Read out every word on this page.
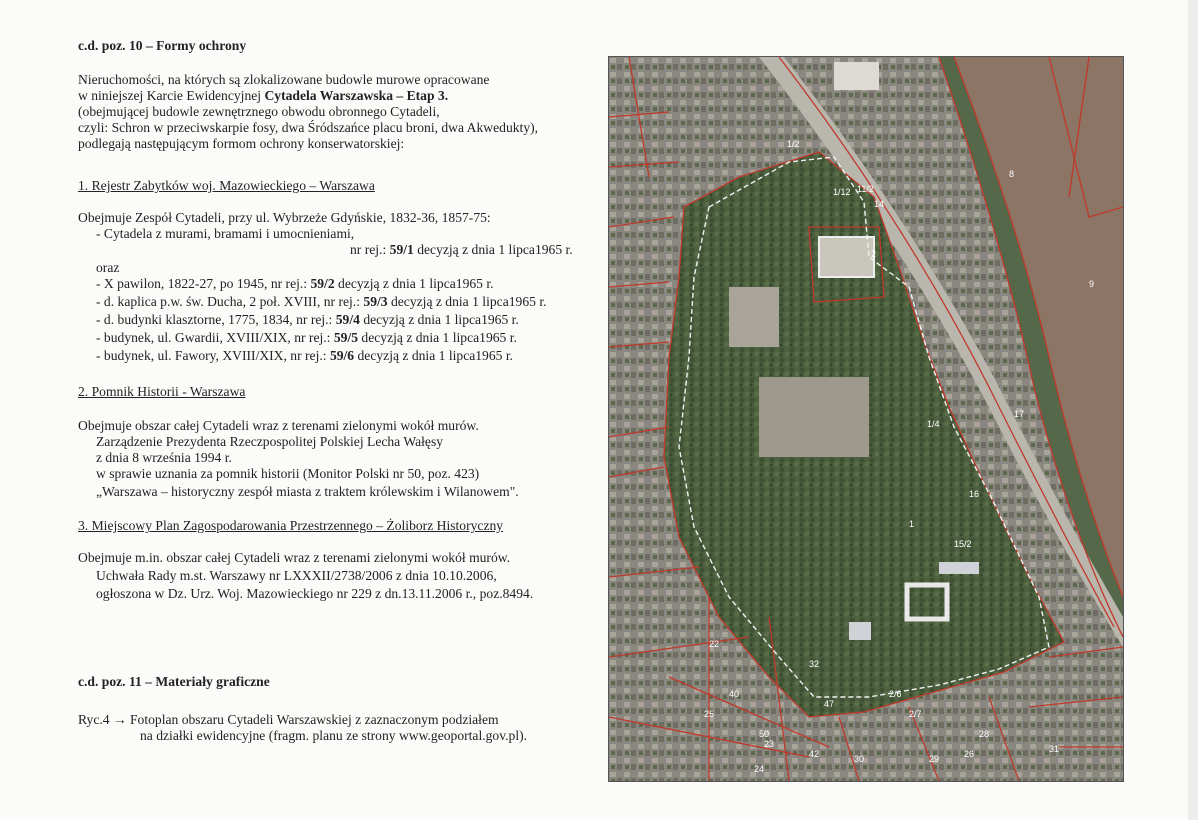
c.d. poz. 10 – Formy ochrony
Nieruchomości, na których są zlokalizowane budowle murowe opracowane
w niniejszej Karcie Ewidencyjnej Cytadela Warszawska – Etap 3.
(obejmującej budowle zewnętrznego obwodu obronnego Cytadeli,
czyli: Schron w przeciwskarpie fosy, dwa Śródszańce placu broni, dwa Akwedukty),
podlegają następującym formom ochrony konserwatorskiej:
1. Rejestr Zabytków woj. Mazowieckiego – Warszawa
Obejmuje Zespół Cytadeli, przy ul. Wybrzeże Gdyńskie, 1832-36, 1857-75:
- Cytadela z murami, bramami i umocnieniami,
nr rej.: 59/1 decyzją z dnia 1 lipca1965 r.
oraz
- X pawilon, 1822-27, po 1945, nr rej.: 59/2 decyzją z dnia 1 lipca1965 r.
- d. kaplica p.w. św. Ducha, 2 poł. XVIII, nr rej.: 59/3 decyzją z dnia 1 lipca1965 r.
- d. budynki klasztorne, 1775, 1834, nr rej.: 59/4 decyzją z dnia 1 lipca1965 r.
- budynek, ul. Gwardii, XVIII/XIX, nr rej.: 59/5 decyzją z dnia 1 lipca1965 r.
- budynek, ul. Fawory, XVIII/XIX, nr rej.: 59/6 decyzją z dnia 1 lipca1965 r.
2. Pomnik Historii - Warszawa
Obejmuje obszar całej Cytadeli wraz z terenami zielonymi wokół murów.
Zarządzenie Prezydenta Rzeczpospolitej Polskiej Lecha Wałęsy
z dnia 8 września 1994 r.
w sprawie uznania za pomnik historii (Monitor Polski nr 50, poz. 423)
„Warszawa – historyczny zespół miasta z traktem królewskim i Wilanowem".
3. Miejscowy Plan Zagospodarowania Przestrzennego – Żoliborz Historyczny
Obejmuje m.in. obszar całej Cytadeli wraz z terenami zielonymi wokół murów.
Uchwała Rady m.st. Warszawy nr LXXXII/2738/2006 z dnia 10.10.2006,
ogłoszona w Dz. Urz. Woj. Mazowieckiego nr 229 z dn.13.11.2006 r., poz.8494.
c.d. poz. 11 – Materiały graficzne
Ryc.4 → Fotoplan obszaru Cytadeli Warszawskiej z zaznaczonym podziałem
na działki ewidencyjne (fragm. planu ze strony www.geoportal.gov.pl).
1
2
8
9
1/2
17
16
15/2
14
11/2
1/4
2/6
2/7
1/12
22
23
24
25
26
28
29
30
31
32
40
42
47
50
